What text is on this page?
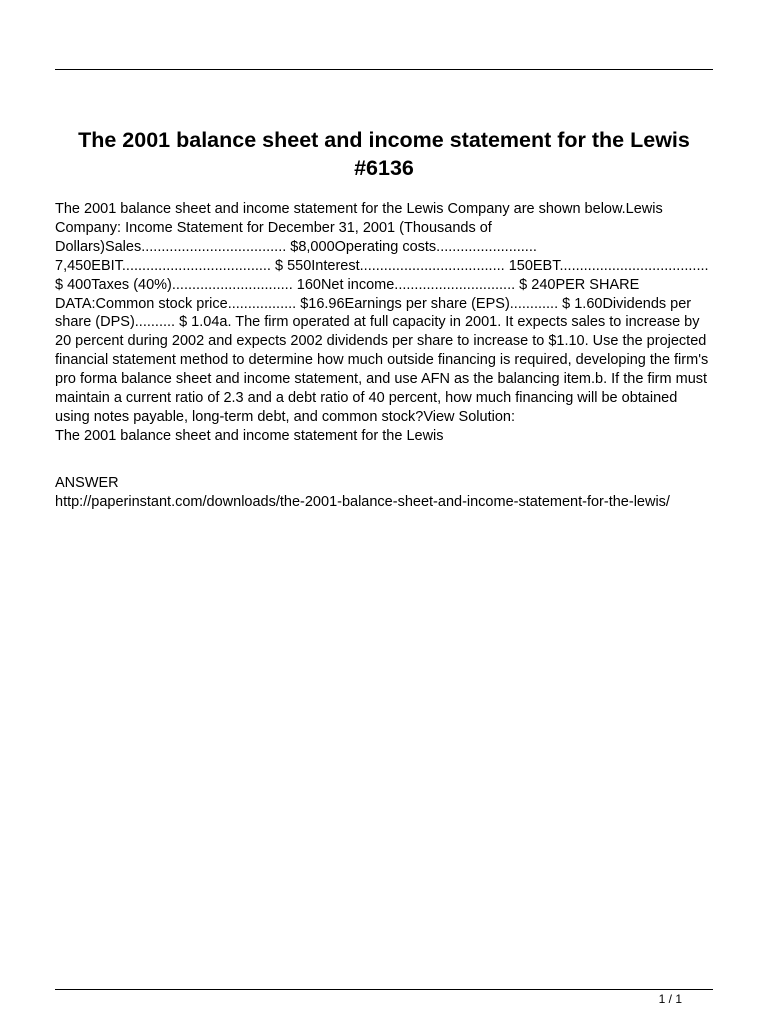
The 2001 balance sheet and income statement for the Lewis #6136

The 2001 balance sheet and income statement for the Lewis Company are shown below.Lewis Company: Income Statement for December 31, 2001 (Thousands of Dollars)Sales.................................... $8,000Operating costs......................... 7,450EBIT..................................... $ 550Interest.................................... 150EBT..................................... $ 400Taxes (40%).............................. 160Net income.............................. $ 240PER SHARE DATA:Common stock price................. $16.96Earnings per share (EPS)............ $ 1.60Dividends per share (DPS).......... $ 1.04a. The firm operated at full capacity in 2001. It expects sales to increase by 20 percent during 2002 and expects 2002 dividends per share to increase to $1.10. Use the projected financial statement method to determine how much outside financing is required, developing the firm's pro forma balance sheet and income statement, and use AFN as the balancing item.b. If the firm must maintain a current ratio of 2.3 and a debt ratio of 40 percent, how much financing will be obtained using notes payable, long-term debt, and common stock?View Solution:
The 2001 balance sheet and income statement for the Lewis

ANSWER
http://paperinstant.com/downloads/the-2001-balance-sheet-and-income-statement-for-the-lewis/
1 / 1
